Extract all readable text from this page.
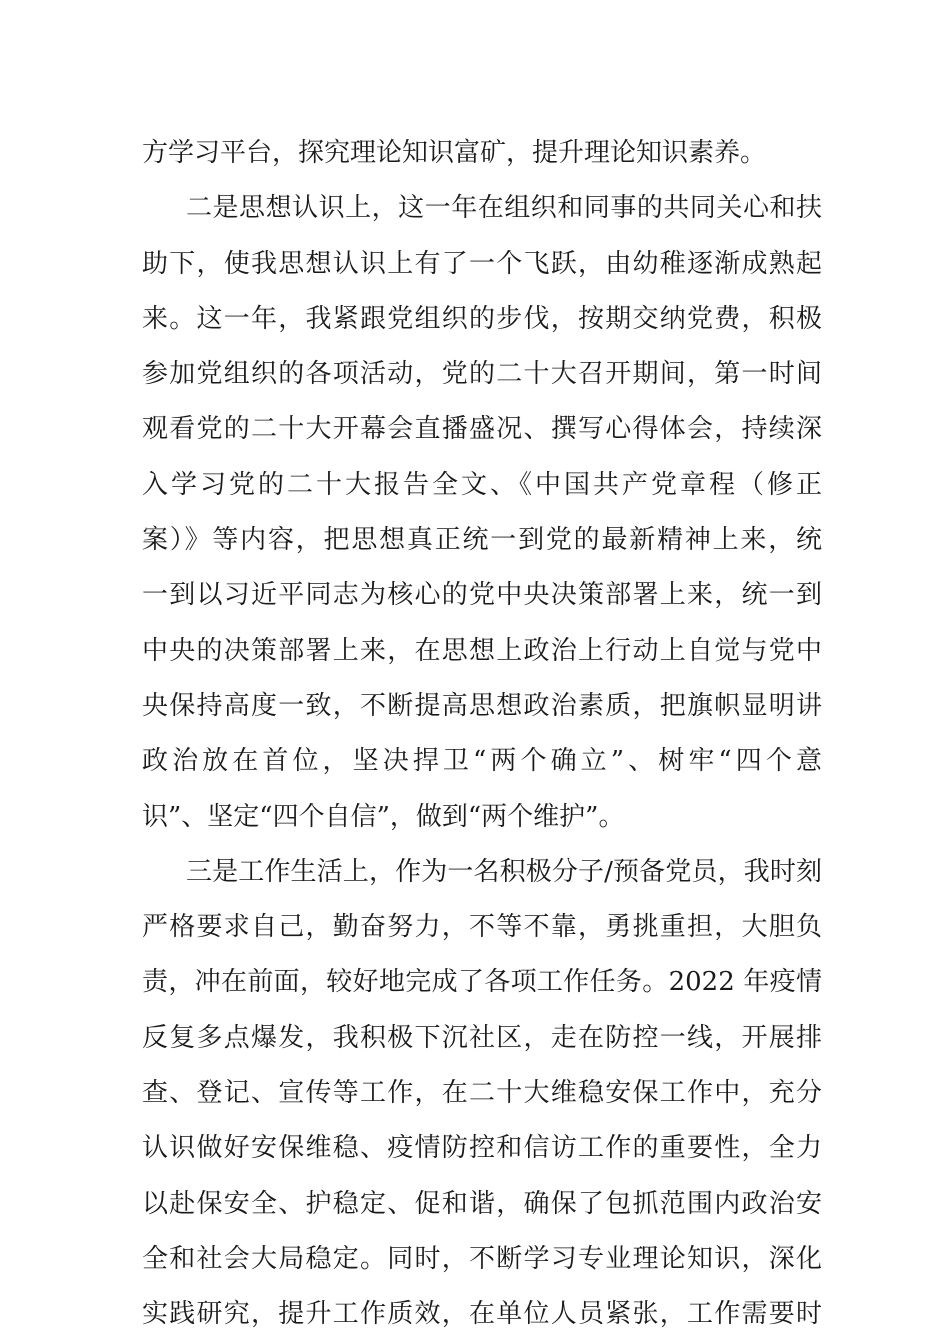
方学习平台，探究理论知识富矿，提升理论知识素养。
二是思想认识上，这一年在组织和同事的共同关心和扶
助下，使我思想认识上有了一个飞跃，由幼稚逐渐成熟起
来。这一年，我紧跟党组织的步伐，按期交纳党费，积极
参加党组织的各项活动，党的二十大召开期间，第一时间
观看党的二十大开幕会直播盛况、撰写心得体会，持续深
入学习党的二十大报告全文、《中国共产党章程（修正
案）》等内容，把思想真正统一到党的最新精神上来，统
一到以习近平同志为核心的党中央决策部署上来，统一到
中央的决策部署上来，在思想上政治上行动上自觉与党中
央保持高度一致，不断提高思想政治素质，把旗帜显明讲
政治放在首位，坚决捍卫“两个确立”、树牢“四个意
识”、坚定“四个自信”，做到“两个维护”。
三是工作生活上，作为一名积极分子/预备党员，我时刻
严格要求自己，勤奋努力，不等不靠，勇挑重担，大胆负
责，冲在前面，较好地完成了各项工作任务。2022 年疫情
反复多点爆发，我积极下沉社区，走在防控一线，开展排
查、登记、宣传等工作，在二十大维稳安保工作中，充分
认识做好安保维稳、疫情防控和信访工作的重要性，全力
以赴保安全、护稳定、促和谐，确保了包抓范围内政治安
全和社会大局稳定。同时，不断学习专业理论知识，深化
实践研究，提升工作质效，在单位人员紧张，工作需要时
